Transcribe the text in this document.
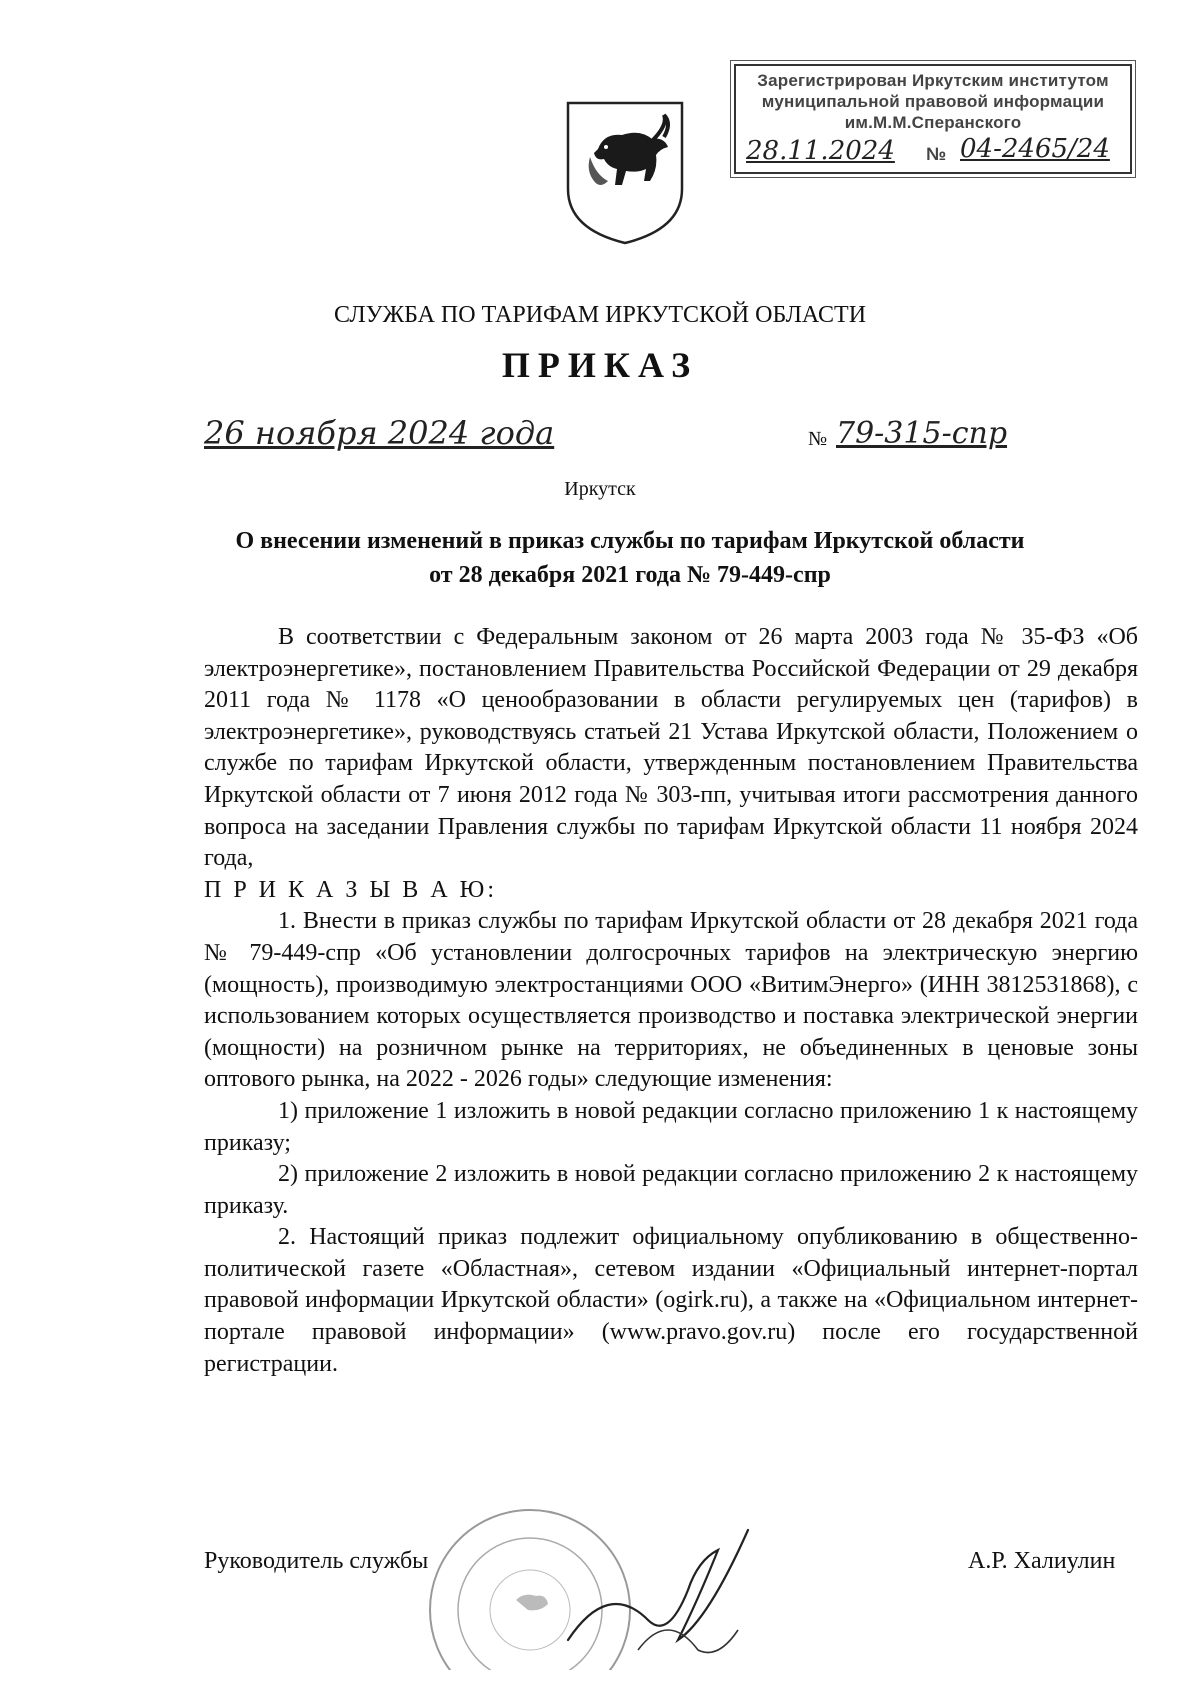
Зарегистрирован Иркутским институтом
муниципальной правовой информации
им.М.М.Сперанского
28.11.2024 № 04-2465/24
СЛУЖБА ПО ТАРИФАМ ИРКУТСКОЙ ОБЛАСТИ
ПРИКАЗ
26 ноября 2024 года	№ 79-315-спр
Иркутск
О внесении изменений в приказ службы по тарифам Иркутской области
от 28 декабря 2021 года № 79-449-спр

В соответствии с Федеральным законом от 26 марта 2003 года № 35-ФЗ «Об электроэнергетике», постановлением Правительства Российской Федерации от 29 декабря 2011 года № 1178 «О ценообразовании в области регулируемых цен (тарифов) в электроэнергетике», руководствуясь статьей 21 Устава Иркутской области, Положением о службе по тарифам Иркутской области, утвержденным постановлением Правительства Иркутской области от 7 июня 2012 года № 303-пп, учитывая итоги рассмотрения данного вопроса на заседании Правления службы по тарифам Иркутской области 11 ноября 2024 года,

П Р И К А З Ы В А Ю:

1. Внести в приказ службы по тарифам Иркутской области от 28 декабря 2021 года № 79-449-спр «Об установлении долгосрочных тарифов на электрическую энергию (мощность), производимую электростанциями ООО «ВитимЭнерго» (ИНН 3812531868), с использованием которых осуществляется производство и поставка электрической энергии (мощности) на розничном рынке на территориях, не объединенных в ценовые зоны оптового рынка, на 2022 - 2026 годы» следующие изменения:

1) приложение 1 изложить в новой редакции согласно приложению 1 к настоящему приказу;

2) приложение 2 изложить в новой редакции согласно приложению 2 к настоящему приказу.

2. Настоящий приказ подлежит официальному опубликованию в общественно-политической газете «Областная», сетевом издании «Официальный интернет-портал правовой информации Иркутской области» (ogirk.ru), а также на «Официальном интернет-портале правовой информации» (www.pravo.gov.ru) после его государственной регистрации.

Руководитель службы	А.Р. Халиулин
